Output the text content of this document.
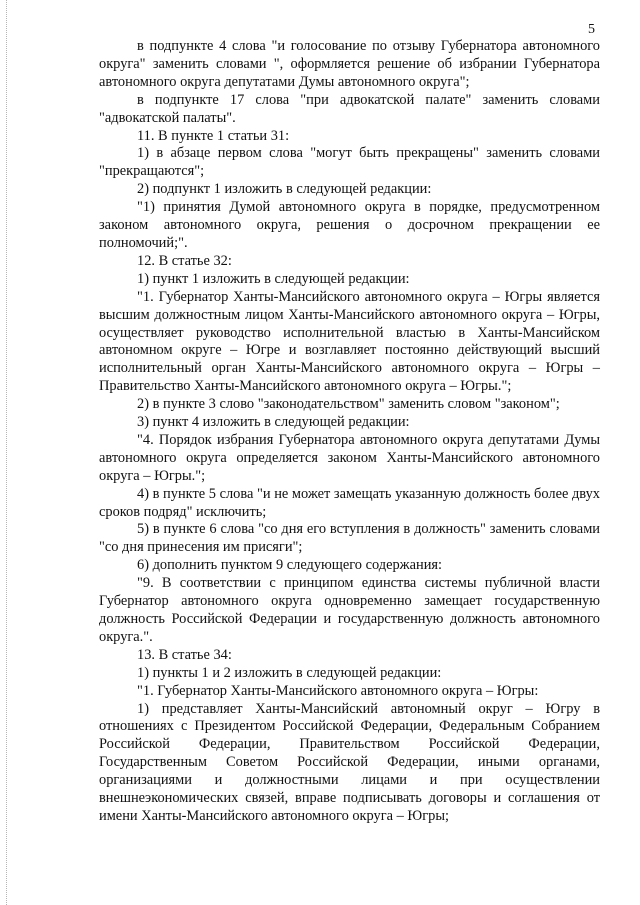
5

в подпункте 4 слова "и голосование по отзыву Губернатора автономного округа" заменить словами ", оформляется решение об избрании Губернатора автономного округа депутатами Думы автономного округа";

в подпункте 17 слова "при адвокатской палате" заменить словами "адвокатской палаты".

11. В пункте 1 статьи 31:

1) в абзаце первом слова "могут быть прекращены" заменить словами "прекращаются";

2) подпункт 1 изложить в следующей редакции:

"1) принятия Думой автономного округа в порядке, предусмотренном законом автономного округа, решения о досрочном прекращении ее полномочий;".

12. В статье 32:

1) пункт 1 изложить в следующей редакции:

"1. Губернатор Ханты-Мансийского автономного округа – Югры является высшим должностным лицом Ханты-Мансийского автономного округа – Югры, осуществляет руководство исполнительной властью в Ханты-Мансийском автономном округе – Югре и возглавляет постоянно действующий высший исполнительный орган Ханты-Мансийского автономного округа – Югры – Правительство Ханты-Мансийского автономного округа – Югры.";

2) в пункте 3 слово "законодательством" заменить словом "законом";

3) пункт 4 изложить в следующей редакции:

"4. Порядок избрания Губернатора автономного округа депутатами Думы автономного округа определяется законом Ханты-Мансийского автономного округа – Югры.";

4) в пункте 5 слова "и не может замещать указанную должность более двух сроков подряд" исключить;

5) в пункте 6 слова "со дня его вступления в должность" заменить словами "со дня принесения им присяги";

6) дополнить пунктом 9 следующего содержания:

"9. В соответствии с принципом единства системы публичной власти Губернатор автономного округа одновременно замещает государственную должность Российской Федерации и государственную должность автономного округа.".

13. В статье 34:

1) пункты 1 и 2 изложить в следующей редакции:

"1. Губернатор Ханты-Мансийского автономного округа – Югры:

1) представляет Ханты-Мансийский автономный округ – Югру в отношениях с Президентом Российской Федерации, Федеральным Собранием Российской Федерации, Правительством Российской Федерации, Государственным Советом Российской Федерации, иными органами, организациями и должностными лицами и при осуществлении внешнеэкономических связей, вправе подписывать договоры и соглашения от имени Ханты-Мансийского автономного округа – Югры;
